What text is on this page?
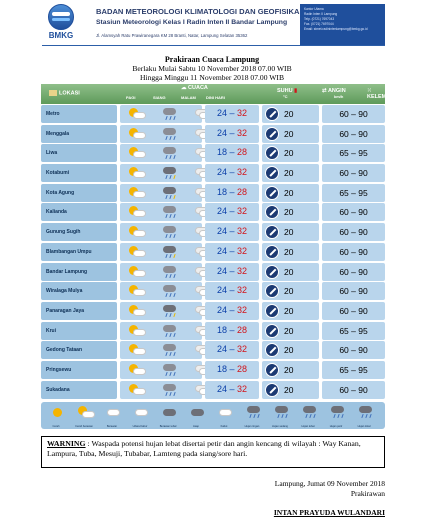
BMKG
BADAN METEOROLOGI KLIMATOLOGI DAN GEOFISIKA
Stasiun Meteorologi Kelas I Radin Inten II Bandar Lampung
Jl. Alamsyah Ratu Prawiranegara KM 28 Branti, Natar, Lampung Selatan 35362
Kantor Utama
Radin Inten II Lampung
Telp. (0721) 7697043
Fax. (0721) 7697044
Email: stmet.radinintenlampung@bmkg.go.id
Prakiraan Cuaca Lampung
Berlaku Mulai Sabtu 10 November 2018 07.00 WIB
Hingga Minggu 11 November 2018 07.00 WIB
LOKASI
☁ CUACA
PAGI	SIANG	MALAM	DINI HARI
SUHU ▮
°C
⇄ ANGIN
km/h
⁙ KELEMBABAN
%
Metro	24 – 32	20	60 – 90
Menggala	24 – 32	20	60 – 90
Liwa	18 – 28	20	65 – 95
Kotabumi	24 – 32	20	60 – 90
Kota Agung	18 – 28	20	65 – 95
Kalianda	24 – 32	20	60 – 90
Gunung Sugih	24 – 32	20	60 – 90
Blambangan Umpu	24 – 32	20	60 – 90
Bandar Lampung	24 – 32	20	60 – 90
Wiralaga Mulya	24 – 32	20	60 – 90
Panaragan Jaya	24 – 32	20	60 – 90
Krui	18 – 28	20	65 – 95
Gedong Tataan	24 – 32	20	60 – 90
Pringsewu	18 – 28	20	65 – 95
Sukadana	24 – 32	20	60 – 90
Cerah	Cerah berawan	Berawan	Udara Kabur	Berawan tebal	Asap	Kabut	Hujan ringan	Hujan sedang	Hujan lebat	Hujan petir	Hujan lokal
WARNING : Waspada potensi hujan lebat disertai petir dan angin kencang di wilayah : Way Kanan, Lampura, Tuba, Mesuji, Tubabar, Lamteng pada siang/sore hari.
Lampung, Jumat 09 November 2018
Prakirawan
INTAN PRAYUDA WULANDARI
